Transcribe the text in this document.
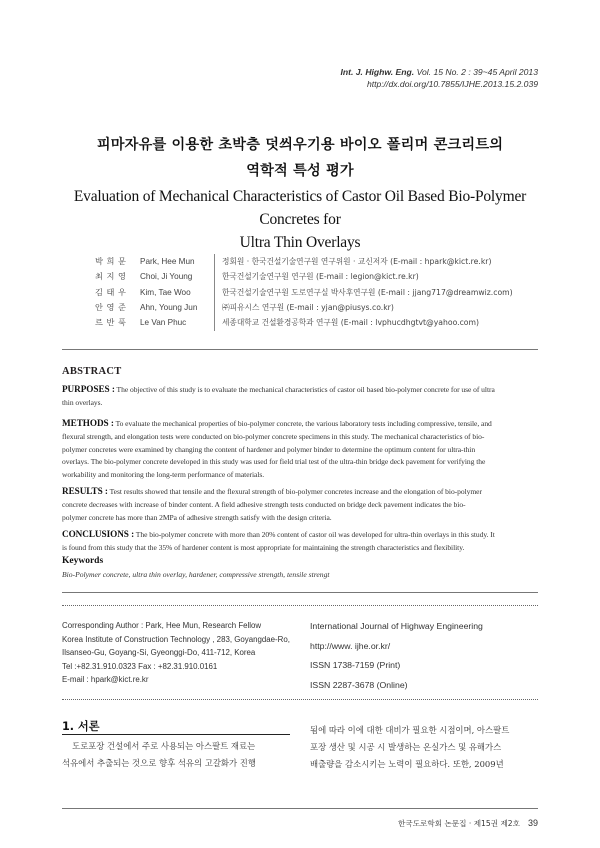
Int. J. Highw. Eng. Vol. 15 No. 2 : 39~45 April 2013
http://dx.doi.org/10.7855/IJHE.2013.15.2.039
피마자유를 이용한 초박층 덧씌우기용 바이오 폴리머 콘크리트의
역학적 특성 평가
Evaluation of Mechanical Characteristics of Castor Oil Based Bio-Polymer Concretes for
Ultra Thin Overlays
박 희 문	Park, Hee Mun	정회원 · 한국건설기술연구원 연구위원 · 교신저자 (E-mail : hpark@kict.re.kr)
최 지 영	Choi, Ji Young	한국건설기술연구원 연구원 (E-mail : legion@kict.re.kr)
김 태 우	Kim, Tae Woo	한국건설기술연구원 도로연구실 박사후연구원 (E-mail : jjang717@dreamwiz.com)
안 영 준	Ahn, Young Jun	㈜피유시스 연구원 (E-mail : yjan@piusys.co.kr)
르 반 푹	Le Van Phuc	세종대학교 건설환경공학과 연구원 (E-mail : lvphucdhgtvt@yahoo.com)
ABSTRACT
PURPOSES : The objective of this study is to evaluate the mechanical characteristics of castor oil based bio-polymer concrete for use of ultra
thin overlays.
METHODS : To evaluate the mechanical properties of bio-polymer concrete, the various laboratory tests including compressive, tensile, and
flexural strength, and elongation tests were conducted on bio-polymer concrete specimens in this study. The mechanical characteristics of bio-
polymer concretes were examined by changing the content of hardener and polymer binder to determine the optimum content for ultra-thin
overlays. The bio-polymer concrete developed in this study was used for field trial test of the ultra-thin bridge deck pavement for verifying the
workability and monitoring the long-term performance of materials.
RESULTS : Test results showed that tensile and the flexural strength of bio-polymer concretes increase and the elongation of bio-polymer
concrete decreases with increase of binder content. A field adhesive strength tests conducted on bridge deck pavement indicates the bio-
polymer concrete has more than 2MPa of adhesive strength satisfy with the design criteria.
CONCLUSIONS : The bio-polymer concrete with more than 20% content of castor oil was developed for ultra-thin overlays in this study. It
is found from this study that the 35% of hardener content is most appropriate for maintaining the strength characteristics and flexibility.
Keywords
Bio-Polymer concrete, ultra thin overlay, hardener, compressive strength, tensile strengt
Corresponding Author : Park, Hee Mun, Research Fellow
Korea Institute of Construction Technology , 283, Goyangdae-Ro,
Ilsanseo-Gu, Goyang-Si, Gyeonggi-Do, 411-712, Korea
Tel :+82.31.910.0323 Fax : +82.31.910.0161
E-mail : hpark@kict.re.kr
International Journal of Highway Engineering
http://www. ijhe.or.kr/
ISSN 1738-7159 (Print)
ISSN 2287-3678 (Online)
1. 서론
도로포장 건설에서 주로 사용되는 아스팔트 재료는
석유에서 추출되는 것으로 향후 석유의 고갈화가 진행
됨에 따라 이에 대한 대비가 필요한 시점이며, 아스팔트
포장 생산 및 시공 시 발생하는 온실가스 및 유해가스
배출량을 감소시키는 노력이 필요하다. 또한, 2009년
한국도로학회 논문집 · 제15권 제2호 39
